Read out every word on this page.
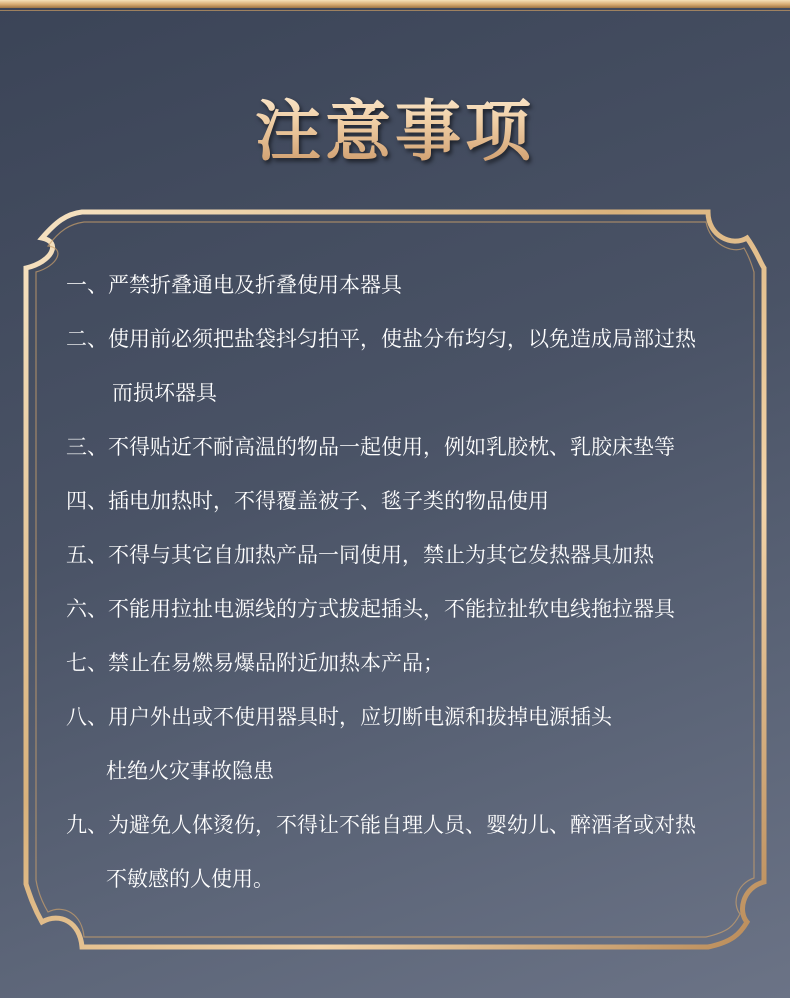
注意事项
一、严禁折叠通电及折叠使用本器具
二、使用前必须把盐袋抖匀拍平，使盐分布均匀，以免造成局部过热
而损坏器具
三、不得贴近不耐高温的物品一起使用，例如乳胶枕、乳胶床垫等
四、插电加热时，不得覆盖被子、毯子类的物品使用
五、不得与其它自加热产品一同使用，禁止为其它发热器具加热
六、不能用拉扯电源线的方式拔起插头，不能拉扯软电线拖拉器具
七、禁止在易燃易爆品附近加热本产品；
八、用户外出或不使用器具时，应切断电源和拔掉电源插头
杜绝火灾事故隐患
九、为避免人体烫伤，不得让不能自理人员、婴幼儿、醉酒者或对热
不敏感的人使用。
